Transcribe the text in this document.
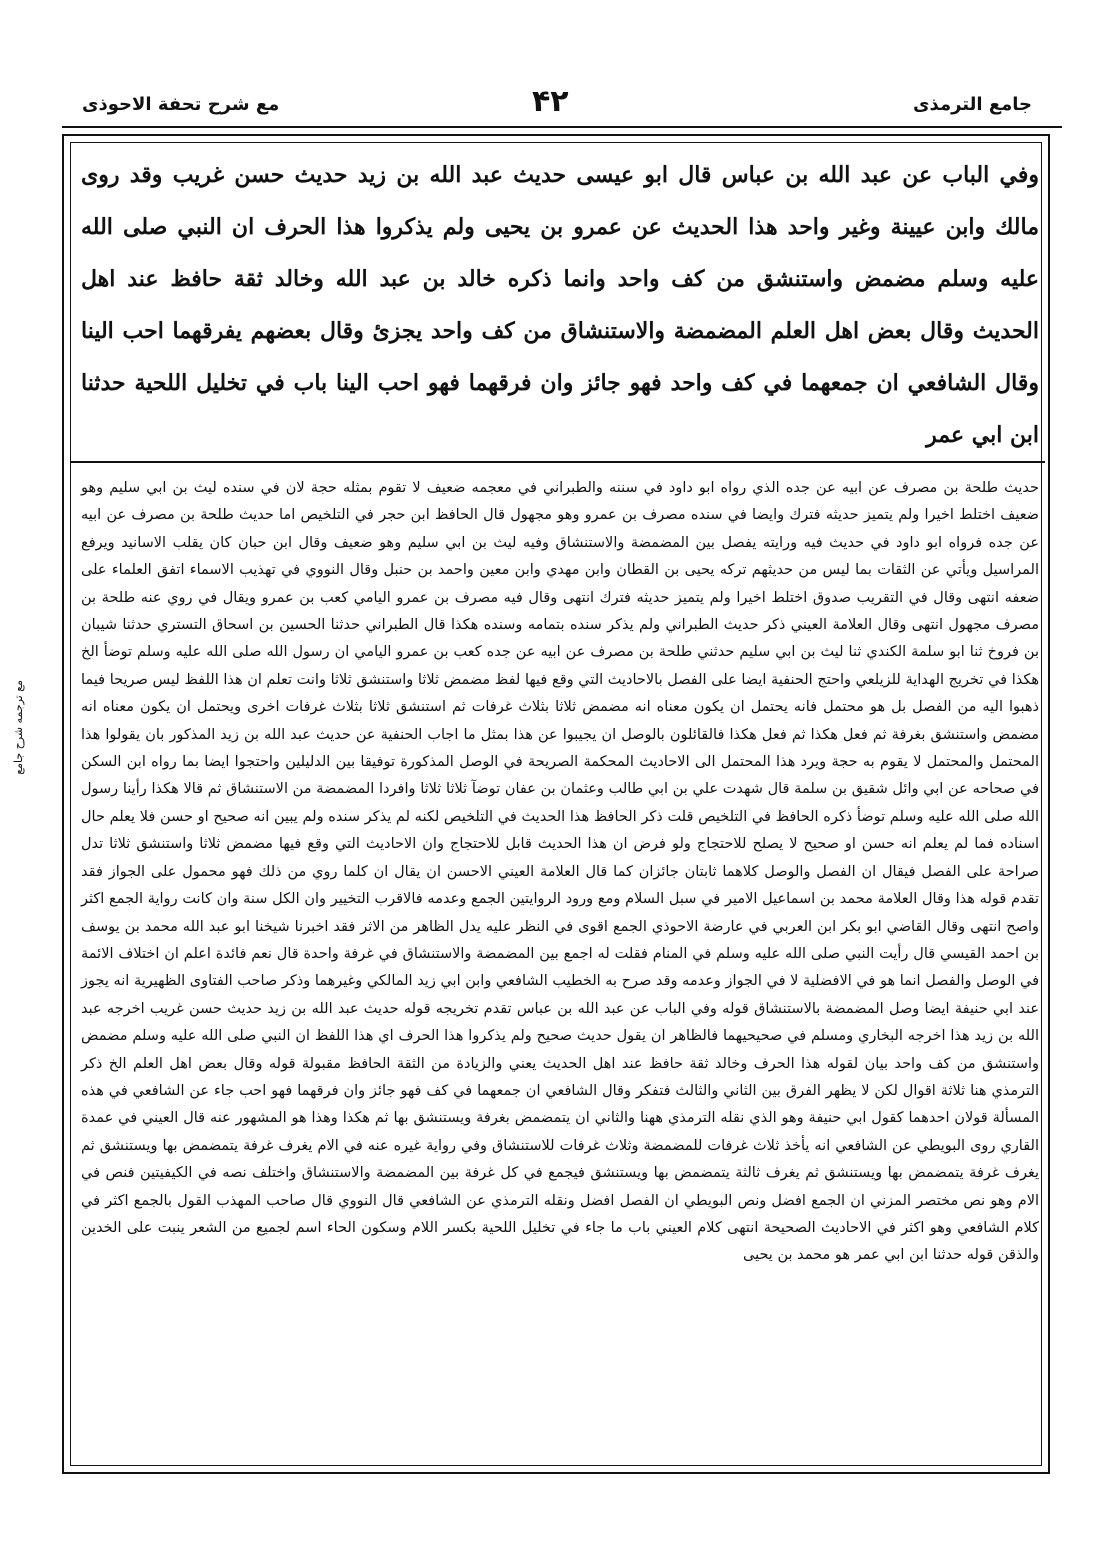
مع شرح تحفة الاحوذى	۴۲	جامع الترمذى
مع ترجمه شرح جامع

وفي الباب عن عبد الله بن عباس قال ابو عيسى حديث عبد الله بن زيد حديث حسن غريب وقد روى مالك وابن عيينة وغير واحد هذا الحديث عن عمرو بن يحيى ولم يذكروا هذا الحرف ان النبي صلى الله عليه وسلم مضمض واستنشق من كف واحد وانما ذكره خالد بن عبد الله وخالد ثقة حافظ عند اهل الحديث وقال بعض اهل العلم المضمضة والاستنشاق من كف واحد يجزئ وقال بعضهم يفرقهما احب الينا وقال الشافعي ان جمعهما في كف واحد فهو جائز وان فرقهما فهو احب الينا باب في تخليل اللحية حدثنا ابن ابي عمر

حديث طلحة بن مصرف عن ابيه عن جده الذي رواه ابو داود في سننه والطبراني في معجمه ضعيف لا تقوم بمثله حجة لان في سنده ليث بن ابي سليم وهو ضعيف اختلط اخيرا ولم يتميز حديثه فترك وايضا في سنده مصرف بن عمرو وهو مجهول قال الحافظ ابن حجر في التلخيص اما حديث طلحة بن مصرف عن ابيه عن جده فرواه ابو داود في حديث فيه ورايته يفصل بين المضمضة والاستنشاق وفيه ليث بن ابي سليم وهو ضعيف وقال ابن حبان كان يقلب الاسانيد ويرفع المراسيل ويأتي عن الثقات بما ليس من حديثهم تركه يحيى بن القطان وابن مهدي وابن معين واحمد بن حنبل وقال النووي في تهذيب الاسماء اتفق العلماء على ضعفه انتهى وقال في التقريب صدوق اختلط اخيرا ولم يتميز حديثه فترك انتهى وقال فيه مصرف بن عمرو اليامي كعب بن عمرو ويقال في روي عنه طلحة بن مصرف مجهول انتهى وقال العلامة العيني ذكر حديث الطبراني ولم يذكر سنده بتمامه وسنده هكذا قال الطبراني حدثنا الحسين بن اسحاق التستري حدثنا شيبان بن فروخ ثنا ابو سلمة الكندي ثنا ليث بن ابي سليم حدثني طلحة بن مصرف عن ابيه عن جده كعب بن عمرو اليامي ان رسول الله صلى الله عليه وسلم توضأ الخ هكذا في تخريج الهداية للزيلعي واحتج الحنفية ايضا على الفصل بالاحاديث التي وقع فيها لفظ مضمض ثلاثا واستنشق ثلاثا وانت تعلم ان هذا اللفظ ليس صريحا فيما ذهبوا اليه من الفصل بل هو محتمل فانه يحتمل ان يكون معناه انه مضمض ثلاثا بثلاث غرفات ثم استنشق ثلاثا بثلاث غرفات اخرى ويحتمل ان يكون معناه انه مضمض واستنشق بغرفة ثم فعل هكذا ثم فعل هكذا فالقائلون بالوصل ان يجيبوا عن هذا بمثل ما اجاب الحنفية عن حديث عبد الله بن زيد المذكور بان يقولوا هذا المحتمل والمحتمل لا يقوم به حجة ويرد هذا المحتمل الى الاحاديث المحكمة الصريحة في الوصل المذكورة توفيقا بين الدليلين واحتجوا ايضا بما رواه ابن السكن في صحاحه عن ابي وائل شقيق بن سلمة قال شهدت علي بن ابي طالب وعثمان بن عفان توضآ ثلاثا ثلاثا وافردا المضمضة من الاستنشاق ثم قالا هكذا رأينا رسول الله صلى الله عليه وسلم توضأ ذكره الحافظ في التلخيص قلت ذكر الحافظ هذا الحديث في التلخيص لكنه لم يذكر سنده ولم يبين انه صحيح او حسن فلا يعلم حال اسناده فما لم يعلم انه حسن او صحيح لا يصلح للاحتجاج ولو فرض ان هذا الحديث قابل للاحتجاج وان الاحاديث التي وقع فيها مضمض ثلاثا واستنشق ثلاثا تدل صراحة على الفصل فيقال ان الفصل والوصل كلاهما ثابتان جائزان كما قال العلامة العيني الاحسن ان يقال ان كلما روي من ذلك فهو محمول على الجواز فقد تقدم قوله هذا وقال العلامة محمد بن اسماعيل الامير في سبل السلام ومع ورود الروايتين الجمع وعدمه فالاقرب التخيير وان الكل سنة وان كانت رواية الجمع اكثر واصح انتهى وقال القاضي ابو بكر ابن العربي في عارضة الاحوذي الجمع اقوى في النظر عليه يدل الظاهر من الاثر فقد اخبرنا شيخنا ابو عبد الله محمد بن يوسف بن احمد القيسي قال رأيت النبي صلى الله عليه وسلم في المنام فقلت له اجمع بين المضمضة والاستنشاق في غرفة واحدة قال نعم فائدة اعلم ان اختلاف الائمة في الوصل والفصل انما هو في الافضلية لا في الجواز وعدمه وقد صرح به الخطيب الشافعي وابن ابي زيد المالكي وغيرهما وذكر صاحب الفتاوى الظهيرية انه يجوز عند ابي حنيفة ايضا وصل المضمضة بالاستنشاق قوله وفي الباب عن عبد الله بن عباس تقدم تخريجه قوله حديث عبد الله بن زيد حديث حسن غريب اخرجه عبد الله بن زيد هذا اخرجه البخاري ومسلم في صحيحيهما فالظاهر ان يقول حديث صحيح ولم يذكروا هذا الحرف اي هذا اللفظ ان النبي صلى الله عليه وسلم مضمض واستنشق من كف واحد بيان لقوله هذا الحرف وخالد ثقة حافظ عند اهل الحديث يعني والزيادة من الثقة الحافظ مقبولة قوله وقال بعض اهل العلم الخ ذكر الترمذي هنا ثلاثة اقوال لكن لا يظهر الفرق بين الثاني والثالث فتفكر وقال الشافعي ان جمعهما في كف فهو جائز وان فرقهما فهو احب جاء عن الشافعي في هذه المسألة قولان احدهما كقول ابي حنيفة وهو الذي نقله الترمذي ههنا والثاني ان يتمضمض بغرفة ويستنشق بها ثم هكذا وهذا هو المشهور عنه قال العيني في عمدة القاري روى البويطي عن الشافعي انه يأخذ ثلاث غرفات للمضمضة وثلاث غرفات للاستنشاق وفي رواية غيره عنه في الام يغرف غرفة يتمضمض بها ويستنشق ثم يغرف غرفة يتمضمض بها ويستنشق ثم يغرف ثالثة يتمضمض بها ويستنشق فيجمع في كل غرفة بين المضمضة والاستنشاق واختلف نصه في الكيفيتين فنص في الام وهو نص مختصر المزني ان الجمع افضل ونص البويطي ان الفصل افضل ونقله الترمذي عن الشافعي قال النووي قال صاحب المهذب القول بالجمع اكثر في كلام الشافعي وهو اكثر في الاحاديث الصحيحة انتهى كلام العيني باب ما جاء في تخليل اللحية بكسر اللام وسكون الحاء اسم لجميع من الشعر ينبت على الخدين والذقن قوله حدثنا ابن ابي عمر هو محمد بن يحيى
